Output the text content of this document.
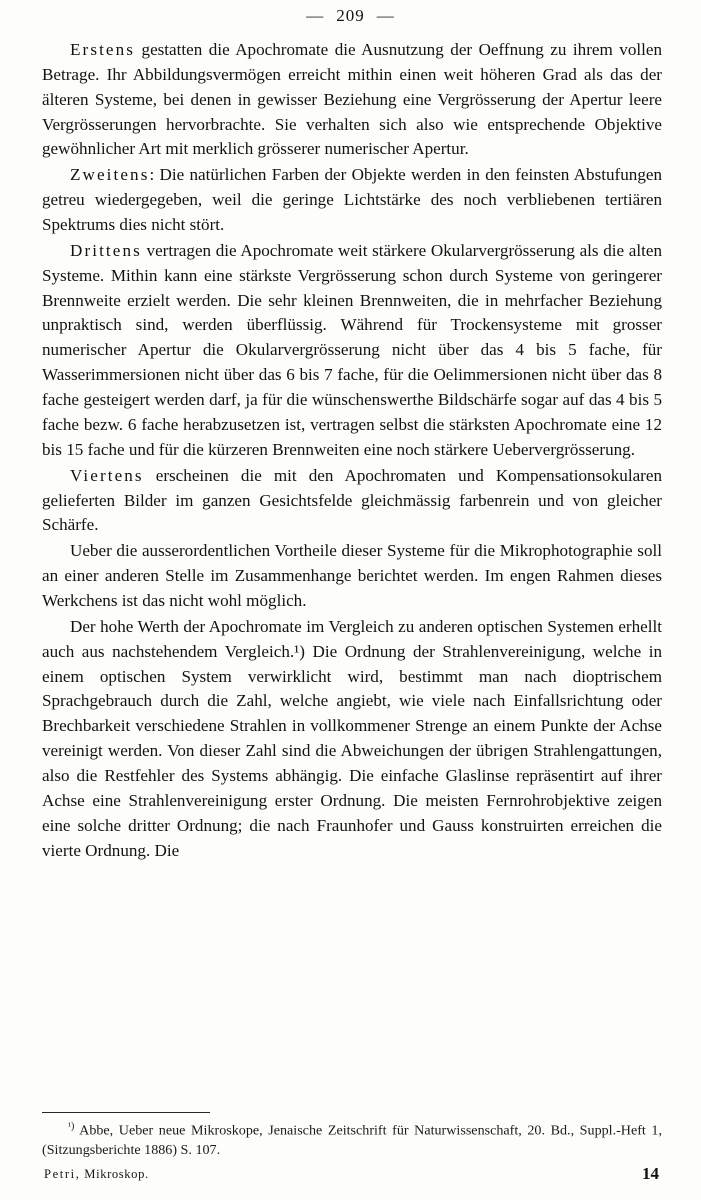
— 209 —

Erstens gestatten die Apochromate die Ausnutzung der Oeffnung zu ihrem vollen Betrage. Ihr Abbildungsvermögen erreicht mithin einen weit höheren Grad als das der älteren Systeme, bei denen in gewisser Beziehung eine Vergrösserung der Apertur leere Vergrösserungen hervorbrachte. Sie verhalten sich also wie entsprechende Objektive gewöhnlicher Art mit merklich grösserer numerischer Apertur.

Zweitens: Die natürlichen Farben der Objekte werden in den feinsten Abstufungen getreu wiedergegeben, weil die geringe Lichtstärke des noch verbliebenen tertiären Spektrums dies nicht stört.

Drittens vertragen die Apochromate weit stärkere Okularvergrösserung als die alten Systeme. Mithin kann eine stärkste Vergrösserung schon durch Systeme von geringerer Brennweite erzielt werden. Die sehr kleinen Brennweiten, die in mehrfacher Beziehung unpraktisch sind, werden überflüssig. Während für Trockensysteme mit grosser numerischer Apertur die Okularvergrösserung nicht über das 4 bis 5 fache, für Wasserimmersionen nicht über das 6 bis 7 fache, für die Oelimmersionen nicht über das 8 fache gesteigert werden darf, ja für die wünschenswerthe Bildschärfe sogar auf das 4 bis 5 fache bezw. 6 fache herabzusetzen ist, vertragen selbst die stärksten Apochromate eine 12 bis 15 fache und für die kürzeren Brennweiten eine noch stärkere Uebervergrösserung.

Viertens erscheinen die mit den Apochromaten und Kompensationsokularen gelieferten Bilder im ganzen Gesichtsfelde gleichmässig farbenrein und von gleicher Schärfe.

Ueber die ausserordentlichen Vortheile dieser Systeme für die Mikrophotographie soll an einer anderen Stelle im Zusammenhange berichtet werden. Im engen Rahmen dieses Werkchens ist das nicht wohl möglich.

Der hohe Werth der Apochromate im Vergleich zu anderen optischen Systemen erhellt auch aus nachstehendem Vergleich.¹) Die Ordnung der Strahlenvereinigung, welche in einem optischen System verwirklicht wird, bestimmt man nach dioptrischem Sprachgebrauch durch die Zahl, welche angiebt, wie viele nach Einfallsrichtung oder Brechbarkeit verschiedene Strahlen in vollkommener Strenge an einem Punkte der Achse vereinigt werden. Von dieser Zahl sind die Abweichungen der übrigen Strahlengattungen, also die Restfehler des Systems abhängig. Die einfache Glaslinse repräsentirt auf ihrer Achse eine Strahlenvereinigung erster Ordnung. Die meisten Fernrohrobjektive zeigen eine solche dritter Ordnung; die nach Fraunhofer und Gauss konstruirten erreichen die vierte Ordnung. Die

$^{^1)}$ Abbe, Ueber neue Mikroskope, Jenaische Zeitschrift für Naturwissenschaft, 20. Bd., Suppl.-Heft 1, (Sitzungsberichte 1886) S. 107.

Petri, Mikroskop.	14
